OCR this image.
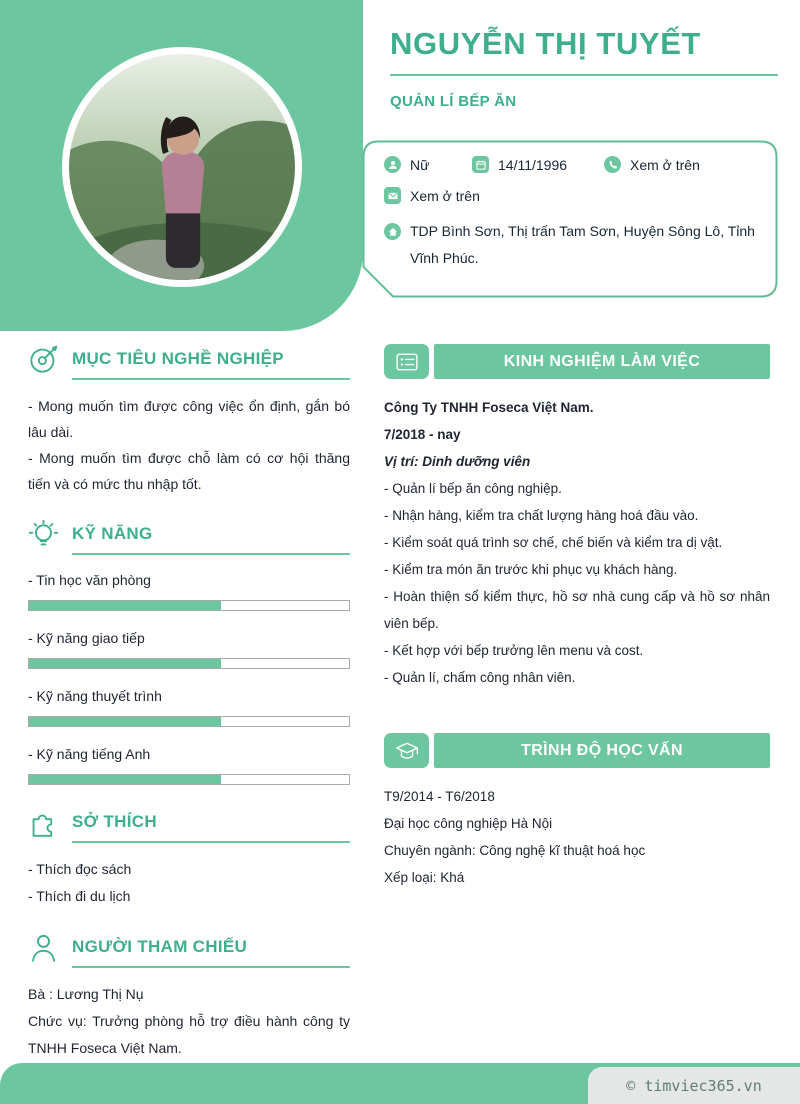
NGUYỄN THỊ TUYẾT
QUẢN LÍ BẾP ĂN
Nữ	14/11/1996	Xem ở trên
Xem ở trên
TDP Bình Sơn, Thị trấn Tam Sơn, Huyện Sông Lô, Tỉnh Vĩnh Phúc.
MỤC TIÊU NGHỀ NGHIỆP
- Mong muốn tìm được công việc ổn định, gắn bó lâu dài.
- Mong muốn tìm được chỗ làm có cơ hội thăng tiến và có mức thu nhập tốt.
KỸ NĂNG
- Tin học văn phòng
- Kỹ năng giao tiếp
- Kỹ năng thuyết trình
- Kỹ năng tiếng Anh
SỞ THÍCH
- Thích đọc sách
- Thích đi du lịch
NGƯỜI THAM CHIẾU
Bà : Lương Thị Nụ
Chức vụ: Trưởng phòng hỗ trợ điều hành công ty TNHH Foseca Việt Nam.
KINH NGHIỆM LÀM VIỆC
Công Ty TNHH Foseca Việt Nam.
7/2018 - nay
Vị trí: Dinh dưỡng viên
- Quản lí bếp ăn công nghiệp.
- Nhận hàng, kiểm tra chất lượng hàng hoá đầu vào.
- Kiểm soát quá trình sơ chế, chế biến và kiểm tra dị vật.
- Kiểm tra món ăn trước khi phục vụ khách hàng.
- Hoàn thiện sổ kiểm thực, hồ sơ nhà cung cấp và hồ sơ nhân viên bếp.
- Kết hợp với bếp trưởng lên menu và cost.
- Quản lí, chấm công nhân viên.
TRÌNH ĐỘ HỌC VẤN
T9/2014 - T6/2018
Đại học công nghiệp Hà Nội
Chuyên ngành: Công nghệ kĩ thuật hoá học
Xếp loại: Khá
© timviec365.vn
